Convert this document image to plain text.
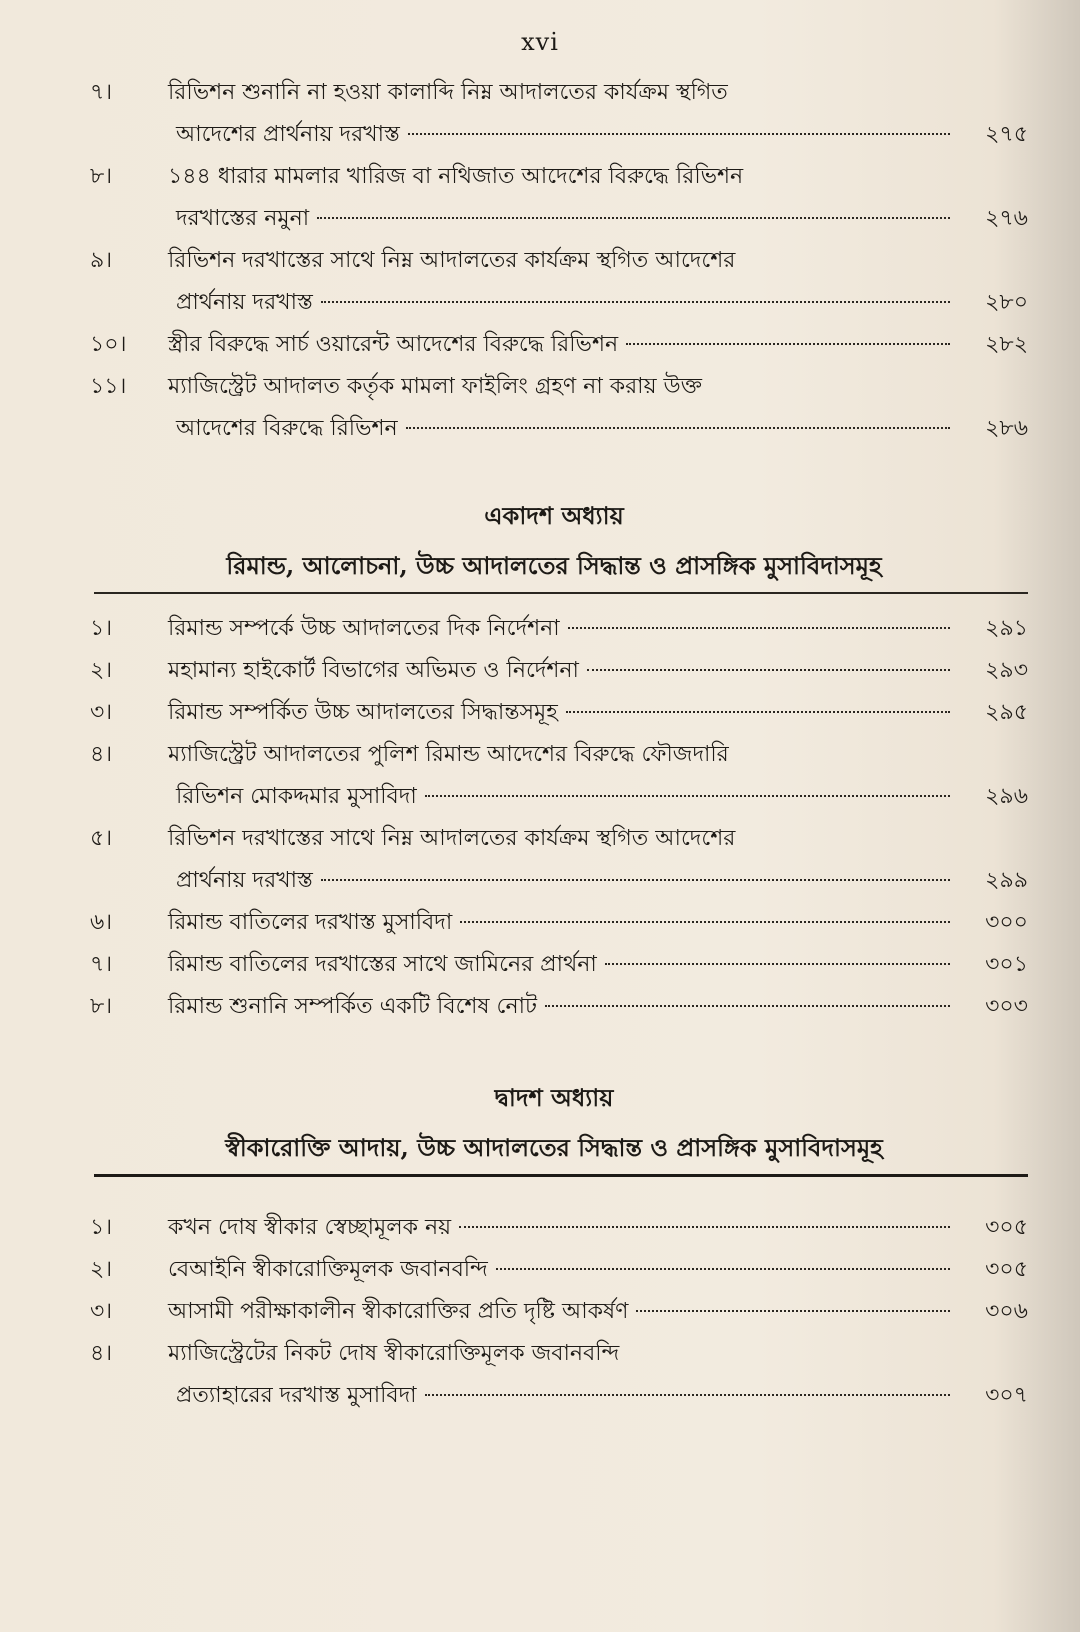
xvi
৭।	রিভিশন শুনানি না হওয়া কালাব্দি নিম্ন আদালতের কার্যক্রম স্থগিত
আদেশের প্রার্থনায় দরখাস্ত	২৭৫
৮।	১৪৪ ধারার মামলার খারিজ বা নথিজাত আদেশের বিরুদ্ধে রিভিশন
দরখাস্তের নমুনা	২৭৬
৯।	রিভিশন দরখাস্তের সাথে নিম্ন আদালতের কার্যক্রম স্থগিত আদেশের
প্রার্থনায় দরখাস্ত	২৮০
১০।	স্ত্রীর বিরুদ্ধে সার্চ ওয়ারেন্ট আদেশের বিরুদ্ধে রিভিশন	২৮২
১১।	ম্যাজিস্ট্রেট আদালত কর্তৃক মামলা ফাইলিং গ্রহণ না করায় উক্ত
আদেশের বিরুদ্ধে রিভিশন	২৮৬
একাদশ অধ্যায়
রিমান্ড, আলোচনা, উচ্চ আদালতের সিদ্ধান্ত ও প্রাসঙ্গিক মুসাবিদাসমূহ
১।	রিমান্ড সম্পর্কে উচ্চ আদালতের দিক নির্দেশনা	২৯১
২।	মহামান্য হাইকোর্ট বিভাগের অভিমত ও নির্দেশনা	২৯৩
৩।	রিমান্ড সম্পর্কিত উচ্চ আদালতের সিদ্ধান্তসমূহ	২৯৫
৪।	ম্যাজিস্ট্রেট আদালতের পুলিশ রিমান্ড আদেশের বিরুদ্ধে ফৌজদারি
রিভিশন মোকদ্দমার মুসাবিদা	২৯৬
৫।	রিভিশন দরখাস্তের সাথে নিম্ন আদালতের কার্যক্রম স্থগিত আদেশের
প্রার্থনায় দরখাস্ত	২৯৯
৬।	রিমান্ড বাতিলের দরখাস্ত মুসাবিদা	৩০০
৭।	রিমান্ড বাতিলের দরখাস্তের সাথে জামিনের প্রার্থনা	৩০১
৮।	রিমান্ড শুনানি সম্পর্কিত একটি বিশেষ নোট	৩০৩
দ্বাদশ অধ্যায়
স্বীকারোক্তি আদায়, উচ্চ আদালতের সিদ্ধান্ত ও প্রাসঙ্গিক মুসাবিদাসমূহ
১।	কখন দোষ স্বীকার স্বেচ্ছামূলক নয়	৩০৫
২।	বেআইনি স্বীকারোক্তিমূলক জবানবন্দি	৩০৫
৩।	আসামী পরীক্ষাকালীন স্বীকারোক্তির প্রতি দৃষ্টি আকর্ষণ	৩০৬
৪।	ম্যাজিস্ট্রেটের নিকট দোষ স্বীকারোক্তিমূলক জবানবন্দি
প্রত্যাহারের দরখাস্ত মুসাবিদা	৩০৭
